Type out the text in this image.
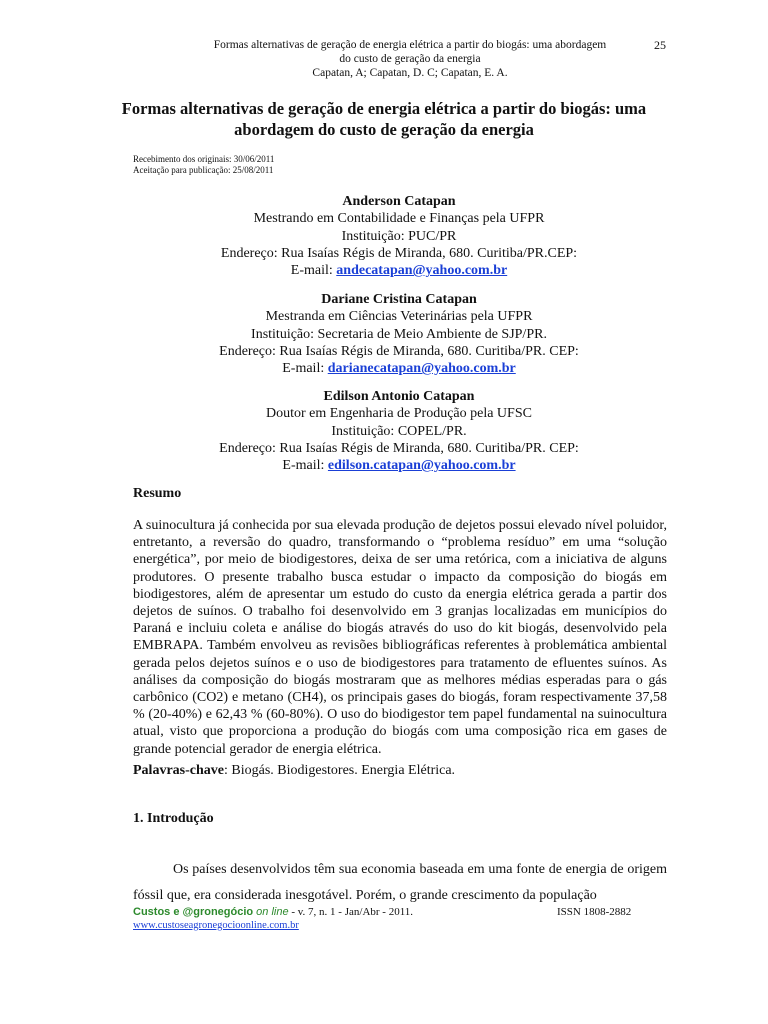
Formas alternativas de geração de energia elétrica a partir do biogás: uma abordagem
do custo de geração da energia
Capatan, A; Capatan, D. C; Capatan, E. A.
25
Formas alternativas de geração de energia elétrica a partir do biogás: uma abordagem do custo de geração da energia
Recebimento dos originais: 30/06/2011
Aceitação para publicação: 25/08/2011
Anderson Catapan
Mestrando em Contabilidade e Finanças pela UFPR
Instituição: PUC/PR
Endereço: Rua Isaías Régis de Miranda, 680. Curitiba/PR.CEP:
E-mail: andecatapan@yahoo.com.br
Dariane Cristina Catapan
Mestranda em Ciências Veterinárias pela UFPR
Instituição: Secretaria de Meio Ambiente de SJP/PR.
Endereço: Rua Isaías Régis de Miranda, 680. Curitiba/PR. CEP:
E-mail: darianecatapan@yahoo.com.br
Edilson Antonio Catapan
Doutor em Engenharia de Produção pela UFSC
Instituição: COPEL/PR.
Endereço: Rua Isaías Régis de Miranda, 680. Curitiba/PR. CEP:
E-mail: edilson.catapan@yahoo.com.br
Resumo

A suinocultura já conhecida por sua elevada produção de dejetos possui elevado nível poluidor, entretanto, a reversão do quadro, transformando o “problema resíduo” em uma “solução energética”, por meio de biodigestores, deixa de ser uma retórica, com a iniciativa de alguns produtores. O presente trabalho busca estudar o impacto da composição do biogás em biodigestores, além de apresentar um estudo do custo da energia elétrica gerada a partir dos dejetos de suínos. O trabalho foi desenvolvido em 3 granjas localizadas em municípios do Paraná e incluiu coleta e análise do biogás através do uso do kit biogás, desenvolvido pela EMBRAPA. Também envolveu as revisões bibliográficas referentes à problemática ambiental gerada pelos dejetos suínos e o uso de biodigestores para tratamento de efluentes suínos. As análises da composição do biogás mostraram que as melhores médias esperadas para o gás carbônico (CO2) e metano (CH4), os principais gases do biogás, foram respectivamente 37,58 % (20-40%) e 62,43 % (60-80%). O uso do biodigestor tem papel fundamental na suinocultura atual, visto que proporciona a produção do biogás com uma composição rica em gases de grande potencial gerador de energia elétrica.

Palavras-chave: Biogás. Biodigestores. Energia Elétrica.

1. Introdução

Os países desenvolvidos têm sua economia baseada em uma fonte de energia de origem fóssil que, era considerada inesgotável. Porém, o grande crescimento da população

Custos e @gronegócio on line - v. 7, n. 1 - Jan/Abr - 2011.	ISSN 1808-2882
www.custoseagronegocioonline.com.br
